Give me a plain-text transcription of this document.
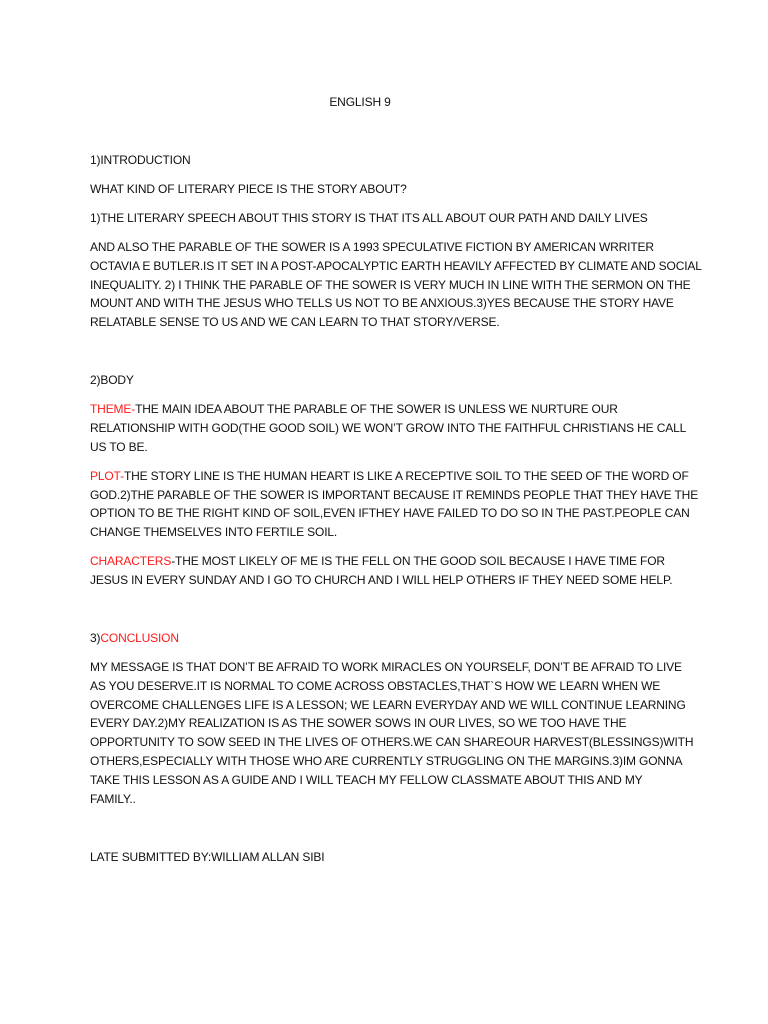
ENGLISH 9

1)INTRODUCTION

WHAT KIND OF LITERARY PIECE IS THE STORY ABOUT?

1)THE LITERARY SPEECH ABOUT THIS STORY IS THAT ITS ALL ABOUT OUR PATH AND DAILY LIVES

AND ALSO THE PARABLE OF THE SOWER IS A 1993 SPECULATIVE FICTION BY AMERICAN WRRITER

OCTAVIA E BUTLER.IS IT SET IN A POST-APOCALYPTIC EARTH HEAVILY AFFECTED BY CLIMATE AND SOCIAL

INEQUALITY. 2) I THINK THE PARABLE OF THE SOWER IS VERY MUCH IN LINE WITH THE SERMON ON THE

MOUNT AND WITH THE JESUS WHO TELLS US NOT TO BE ANXIOUS.3)YES BECAUSE THE STORY HAVE

RELATABLE SENSE TO US AND WE CAN LEARN TO THAT STORY/VERSE.

2)BODY

THEME-THE MAIN IDEA ABOUT THE PARABLE OF THE SOWER IS UNLESS WE NURTURE OUR

RELATIONSHIP WITH GOD(THE GOOD SOIL) WE WON’T GROW INTO THE FAITHFUL CHRISTIANS HE CALL

US TO BE.

PLOT-THE STORY LINE IS THE HUMAN HEART IS LIKE A RECEPTIVE SOIL TO THE SEED OF THE WORD OF

GOD.2)THE PARABLE OF THE SOWER IS IMPORTANT BECAUSE IT REMINDS PEOPLE THAT THEY HAVE THE

OPTION TO BE THE RIGHT KIND OF SOIL,EVEN IFTHEY HAVE FAILED TO DO SO IN THE PAST.PEOPLE CAN

CHANGE THEMSELVES INTO FERTILE SOIL.

CHARACTERS-THE MOST LIKELY OF ME IS THE FELL ON THE GOOD SOIL BECAUSE I HAVE TIME FOR

JESUS IN EVERY SUNDAY AND I GO TO CHURCH AND I WILL HELP OTHERS IF THEY NEED SOME HELP.

3)CONCLUSION

MY MESSAGE IS THAT DON’T BE AFRAID TO WORK MIRACLES ON YOURSELF, DON’T BE AFRAID TO LIVE

AS YOU DESERVE.IT IS NORMAL TO COME ACROSS OBSTACLES,THAT`S HOW WE LEARN WHEN WE

OVERCOME CHALLENGES LIFE IS A LESSON; WE LEARN EVERYDAY AND WE WILL CONTINUE LEARNING

EVERY DAY.2)MY REALIZATION IS AS THE SOWER SOWS IN OUR LIVES, SO WE TOO HAVE THE

OPPORTUNITY TO SOW SEED IN THE LIVES OF OTHERS.WE CAN SHAREOUR HARVEST(BLESSINGS)WITH

OTHERS,ESPECIALLY WITH THOSE WHO ARE CURRENTLY STRUGGLING ON THE MARGINS.3)IM GONNA

TAKE THIS LESSON AS A GUIDE AND I WILL TEACH MY FELLOW CLASSMATE ABOUT THIS AND MY

FAMILY..

LATE SUBMITTED BY:WILLIAM ALLAN SIBI
